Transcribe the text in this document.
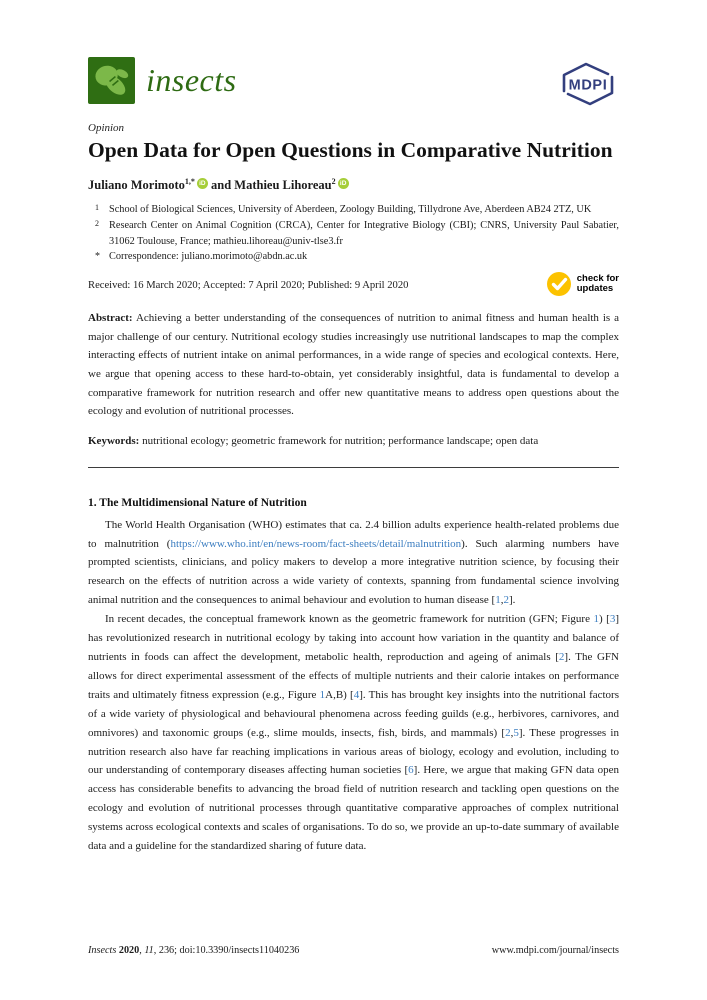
insects	MDPI
Opinion
Open Data for Open Questions in Comparative Nutrition
Juliano Morimoto$^{1,*}$ iD and Mathieu Lihoreau$^2$ iD
1 School of Biological Sciences, University of Aberdeen, Zoology Building, Tillydrone Ave, Aberdeen AB24 2TZ, UK
2 Research Center on Animal Cognition (CRCA), Center for Integrative Biology (CBI); CNRS, University Paul Sabatier, 31062 Toulouse, France; mathieu.lihoreau@univ-tlse3.fr
* Correspondence: juliano.morimoto@abdn.ac.uk
Received: 16 March 2020; Accepted: 7 April 2020; Published: 9 April 2020
check for
updates

Abstract: Achieving a better understanding of the consequences of nutrition to animal fitness and human health is a major challenge of our century. Nutritional ecology studies increasingly use nutritional landscapes to map the complex interacting effects of nutrient intake on animal performances, in a wide range of species and ecological contexts. Here, we argue that opening access to these hard-to-obtain, yet considerably insightful, data is fundamental to develop a comparative framework for nutrition research and offer new quantitative means to address open questions about the ecology and evolution of nutritional processes.

Keywords: nutritional ecology; geometric framework for nutrition; performance landscape; open data

1. The Multidimensional Nature of Nutrition

The World Health Organisation (WHO) estimates that ca. 2.4 billion adults experience health-related problems due to malnutrition (https://www.who.int/en/news-room/fact-sheets/detail/malnutrition). Such alarming numbers have prompted scientists, clinicians, and policy makers to develop a more integrative nutrition science, by focusing their research on the effects of nutrition across a wide variety of contexts, spanning from fundamental science involving animal nutrition and the consequences to animal behaviour and evolution to human disease [1,2].

In recent decades, the conceptual framework known as the geometric framework for nutrition (GFN; Figure 1) [3] has revolutionized research in nutritional ecology by taking into account how variation in the quantity and balance of nutrients in foods can affect the development, metabolic health, reproduction and ageing of animals [2]. The GFN allows for direct experimental assessment of the effects of multiple nutrients and their calorie intakes on performance traits and ultimately fitness expression (e.g., Figure 1A,B) [4]. This has brought key insights into the nutritional factors of a wide variety of physiological and behavioural phenomena across feeding guilds (e.g., herbivores, carnivores, and omnivores) and taxonomic groups (e.g., slime moulds, insects, fish, birds, and mammals) [2,5]. These progresses in nutrition research also have far reaching implications in various areas of biology, ecology and evolution, including to our understanding of contemporary diseases affecting human societies [6]. Here, we argue that making GFN data open access has considerable benefits to advancing the broad field of nutrition research and tackling open questions on the ecology and evolution of nutritional processes through quantitative comparative approaches of complex nutritional systems across ecological contexts and scales of organisations. To do so, we provide an up-to-date summary of available data and a guideline for the standardized sharing of future data.

Insects 2020, 11, 236; doi:10.3390/insects11040236	www.mdpi.com/journal/insects
